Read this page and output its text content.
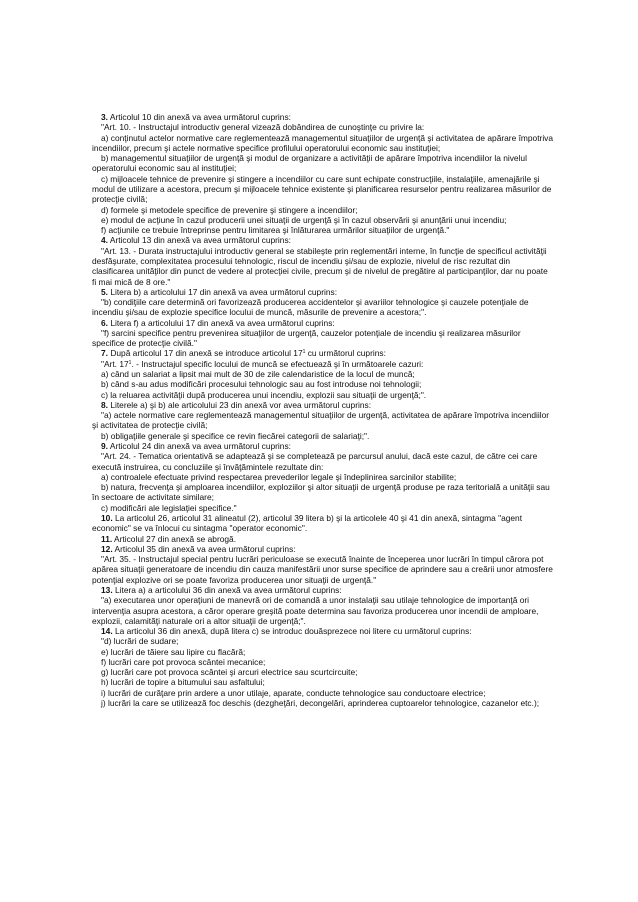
3. Articolul 10 din anexă va avea următorul cuprins:

"Art. 10. - Instructajul introductiv general vizează dobândirea de cunoştinţe cu privire la:

a) conţinutul actelor normative care reglementează managementul situaţiilor de urgenţă şi activitatea de apărare împotriva incendiilor, precum şi actele normative specifice profilului operatorului economic sau instituţiei;

b) managementul situaţiilor de urgenţă şi modul de organizare a activităţii de apărare împotriva incendiilor la nivelul operatorului economic sau al instituţiei;

c) mijloacele tehnice de prevenire şi stingere a incendiilor cu care sunt echipate construcţiile, instalaţiile, amenajările şi modul de utilizare a acestora, precum şi mijloacele tehnice existente şi planificarea resurselor pentru realizarea măsurilor de protecţie civilă;

d) formele şi metodele specifice de prevenire şi stingere a incendiilor;

e) modul de acţiune în cazul producerii unei situaţii de urgenţă şi în cazul observării şi anunţării unui incendiu;

f) acţiunile ce trebuie întreprinse pentru limitarea şi înlăturarea urmărilor situaţiilor de urgenţă."

4. Articolul 13 din anexă va avea următorul cuprins:

"Art. 13. - Durata instructajului introductiv general se stabileşte prin reglementări interne, în funcţie de specificul activităţii desfăşurate, complexitatea procesului tehnologic, riscul de incendiu şi/sau de explozie, nivelul de risc rezultat din clasificarea unităţilor din punct de vedere al protecţiei civile, precum şi de nivelul de pregătire al participanţilor, dar nu poate fi mai mică de 8 ore."

5. Litera b) a articolului 17 din anexă va avea următorul cuprins:

"b) condiţiile care determină ori favorizează producerea accidentelor şi avariilor tehnologice şi cauzele potenţiale de incendiu şi/sau de explozie specifice locului de muncă, măsurile de prevenire a acestora;".

6. Litera f) a articolului 17 din anexă va avea următorul cuprins:

"f) sarcini specifice pentru prevenirea situaţiilor de urgenţă, cauzelor potenţiale de incendiu şi realizarea măsurilor specifice de protecţie civilă."

7. După articolul 17 din anexă se introduce articolul $17^1$ cu următorul cuprins:

"Art. $17^1$. - Instructajul specific locului de muncă se efectuează şi în următoarele cazuri:

a) când un salariat a lipsit mai mult de 30 de zile calendaristice de la locul de muncă;

b) când s-au adus modificări procesului tehnologic sau au fost introduse noi tehnologii;

c) la reluarea activităţii după producerea unui incendiu, explozii sau situaţii de urgenţă;".

8. Literele a) şi b) ale articolului 23 din anexă vor avea următorul cuprins:

"a) actele normative care reglementează managementul situaţiilor de urgenţă, activitatea de apărare împotriva incendiilor şi activitatea de protecţie civilă;

b) obligaţiile generale şi specifice ce revin fiecărei categorii de salariaţi;".

9. Articolul 24 din anexă va avea următorul cuprins:

"Art. 24. - Tematica orientativă se adaptează şi se completează pe parcursul anului, dacă este cazul, de către cei care execută instruirea, cu concluziile şi învăţămintele rezultate din:

a) controalele efectuate privind respectarea prevederilor legale şi îndeplinirea sarcinilor stabilite;

b) natura, frecvenţa şi amploarea incendiilor, exploziilor şi altor situaţii de urgenţă produse pe raza teritorială a unităţii sau în sectoare de activitate similare;

c) modificări ale legislaţiei specifice."

10. La articolul 26, articolul 31 alineatul (2), articolul 39 litera b) şi la articolele 40 şi 41 din anexă, sintagma "agent economic" se va înlocui cu sintagma "operator economic".

11. Articolul 27 din anexă se abrogă.

12. Articolul 35 din anexă va avea următorul cuprins:

"Art. 35. - Instructajul special pentru lucrări periculoase se execută înainte de începerea unor lucrări în timpul cărora pot apărea situaţii generatoare de incendiu din cauza manifestării unor surse specifice de aprindere sau a creării unor atmosfere potenţial explozive ori se poate favoriza producerea unor situaţii de urgenţă."

13. Litera a) a articolului 36 din anexă va avea următorul cuprins:

"a) executarea unor operaţiuni de manevră ori de comandă a unor instalaţii sau utilaje tehnologice de importanţă ori intervenţia asupra acestora, a căror operare greşită poate determina sau favoriza producerea unor incendii de amploare, explozii, calamităţi naturale ori a altor situaţii de urgenţă;".

14. La articolul 36 din anexă, după litera c) se introduc douăsprezece noi litere cu următorul cuprins:

"d) lucrări de sudare;

e) lucrări de tăiere sau lipire cu flacără;

f) lucrări care pot provoca scântei mecanice;

g) lucrări care pot provoca scântei şi arcuri electrice sau scurtcircuite;

h) lucrări de topire a bitumului sau asfaltului;

i) lucrări de curăţare prin ardere a unor utilaje, aparate, conducte tehnologice sau conductoare electrice;

j) lucrări la care se utilizează foc deschis (dezgheţări, decongelări, aprinderea cuptoarelor tehnologice, cazanelor etc.);
